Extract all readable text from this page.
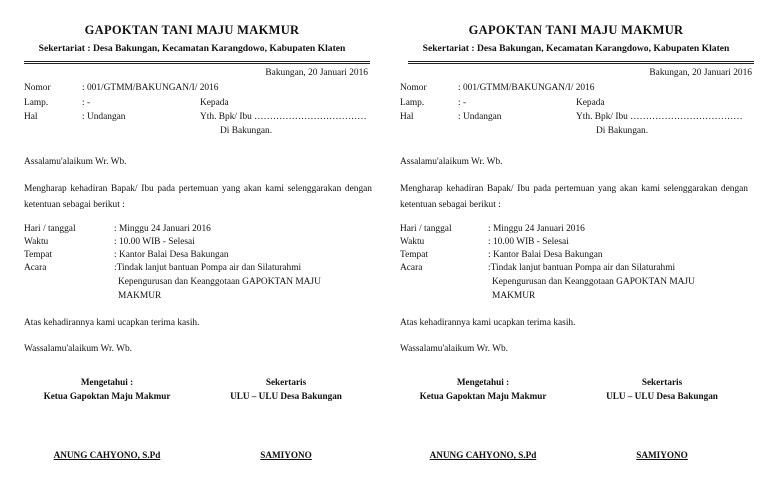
GAPOKTAN TANI MAJU MAKMUR
Sekertariat : Desa Bakungan, Kecamatan Karangdowo, Kabupaten Klaten
Bakungan, 20 Januari 2016
Nomor	: 001/GTMM/BAKUNGAN/I/ 2016
Lamp.	: -	Kepada
Hal	: Undangan	Yth. Bpk/ Ibu ………………………………
Di Bakungan.
Assalamu'alaikum Wr. Wb.
Mengharap kehadiran Bapak/ Ibu pada pertemuan yang akan kami selenggarakan dengan ketentuan sebagai berikut :
Hari / tanggal	: Minggu 24 Januari 2016
Waktu	: 10.00 WIB - Selesai
Tempat	: Kantor Balai Desa Bakungan
Acara	:Tindak lanjut bantuan Pompa air dan Silaturahmi
Kepengurusan dan Keanggotaan GAPOKTAN MAJU
MAKMUR
Atas kehadirannya kami ucapkan terima kasih.
Wassalamu'alaikum Wr. Wb.
Mengetahui :
Ketua Gapoktan Maju Makmur
Sekertaris
ULU – ULU Desa Bakungan
ANUNG CAHYONO, S.Pd	SAMIYONO
GAPOKTAN TANI MAJU MAKMUR
Sekertariat : Desa Bakungan, Kecamatan Karangdowo, Kabupaten Klaten
Bakungan, 20 Januari 2016
Nomor	: 001/GTMM/BAKUNGAN/I/ 2016
Lamp.	: -	Kepada
Hal	: Undangan	Yth. Bpk/ Ibu ………………………………
Di Bakungan.
Assalamu'alaikum Wr. Wb.
Mengharap kehadiran Bapak/ Ibu pada pertemuan yang akan kami selenggarakan dengan ketentuan sebagai berikut :
Hari / tanggal	: Minggu 24 Januari 2016
Waktu	: 10.00 WIB - Selesai
Tempat	: Kantor Balai Desa Bakungan
Acara	:Tindak lanjut bantuan Pompa air dan Silaturahmi
Kepengurusan dan Keanggotaan GAPOKTAN MAJU
MAKMUR
Atas kehadirannya kami ucapkan terima kasih.
Wassalamu'alaikum Wr. Wb.
Mengetahui :
Ketua Gapoktan Maju Makmur
Sekertaris
ULU – ULU Desa Bakungan
ANUNG CAHYONO, S.Pd	SAMIYONO
